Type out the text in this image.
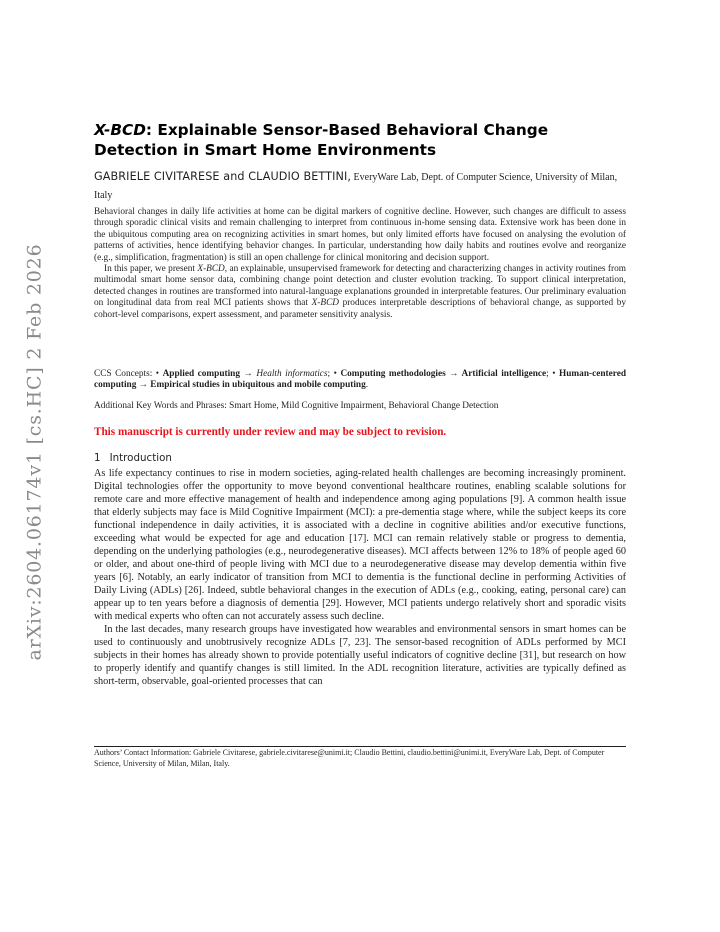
arXiv:2604.06174v1 [cs.HC] 2 Feb 2026
X-BCD: Explainable Sensor-Based Behavioral Change Detection in Smart Home Environments
GABRIELE CIVITARESE and CLAUDIO BETTINI, EveryWare Lab, Dept. of Computer Science, University of Milan, Italy

Behavioral changes in daily life activities at home can be digital markers of cognitive decline. However, such changes are difficult to assess through sporadic clinical visits and remain challenging to interpret from continuous in-home sensing data. Extensive work has been done in the ubiquitous computing area on recognizing activities in smart homes, but only limited efforts have focused on analysing the evolution of patterns of activities, hence identifying behavior changes. In particular, understanding how daily habits and routines evolve and reorganize (e.g., simplification, fragmentation) is still an open challenge for clinical monitoring and decision support.

In this paper, we present X-BCD, an explainable, unsupervised framework for detecting and characterizing changes in activity routines from multimodal smart home sensor data, combining change point detection and cluster evolution tracking. To support clinical interpretation, detected changes in routines are transformed into natural-language explanations grounded in interpretable features. Our preliminary evaluation on longitudinal data from real MCI patients shows that X-BCD produces interpretable descriptions of behavioral change, as supported by cohort-level comparisons, expert assessment, and parameter sensitivity analysis.

CCS Concepts: • Applied computing → Health informatics; • Computing methodologies → Artificial intelligence; • Human-centered computing → Empirical studies in ubiquitous and mobile computing.
Additional Key Words and Phrases: Smart Home, Mild Cognitive Impairment, Behavioral Change Detection
This manuscript is currently under review and may be subject to revision.
1 Introduction

As life expectancy continues to rise in modern societies, aging-related health challenges are becoming increasingly prominent. Digital technologies offer the opportunity to move beyond conventional healthcare routines, enabling scalable solutions for remote care and more effective management of health and independence among aging populations [9]. A common health issue that elderly subjects may face is Mild Cognitive Impairment (MCI): a pre-dementia stage where, while the subject keeps its core functional independence in daily activities, it is associated with a decline in cognitive abilities and/or executive functions, exceeding what would be expected for age and education [17]. MCI can remain relatively stable or progress to dementia, depending on the underlying pathologies (e.g., neurodegenerative diseases). MCI affects between 12% to 18% of people aged 60 or older, and about one-third of people living with MCI due to a neurodegenerative disease may develop dementia within five years [6]. Notably, an early indicator of transition from MCI to dementia is the functional decline in performing Activities of Daily Living (ADLs) [26]. Indeed, subtle behavioral changes in the execution of ADLs (e.g., cooking, eating, personal care) can appear up to ten years before a diagnosis of dementia [29]. However, MCI patients undergo relatively short and sporadic visits with medical experts who often can not accurately assess such decline.

In the last decades, many research groups have investigated how wearables and environmental sensors in smart homes can be used to continuously and unobtrusively recognize ADLs [7, 23]. The sensor-based recognition of ADLs performed by MCI subjects in their homes has already shown to provide potentially useful indicators of cognitive decline [31], but research on how to properly identify and quantify changes is still limited. In the ADL recognition literature, activities are typically defined as short-term, observable, goal-oriented processes that can

Authors’ Contact Information: Gabriele Civitarese, gabriele.civitarese@unimi.it; Claudio Bettini, claudio.bettini@unimi.it, EveryWare Lab, Dept. of Computer Science, University of Milan, Milan, Italy.
